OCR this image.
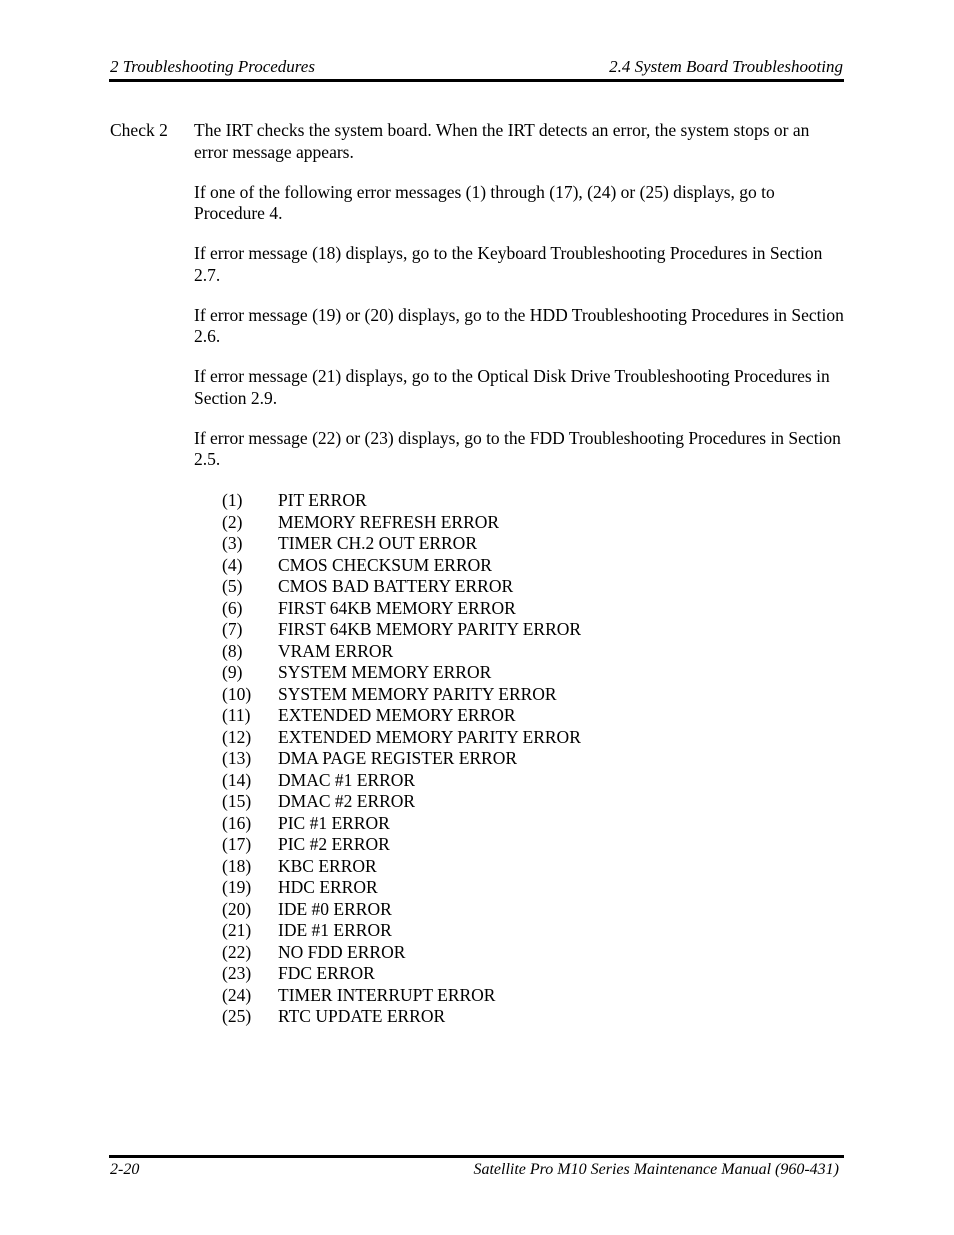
2 Troubleshooting Procedures	2.4 System Board Troubleshooting
Check 2 The IRT checks the system board. When the IRT detects an error, the system stops or an error message appears.

If one of the following error messages (1) through (17), (24) or (25) displays, go to Procedure 4.

If error message (18) displays, go to the Keyboard Troubleshooting Procedures in Section 2.7.

If error message (19) or (20) displays, go to the HDD Troubleshooting Procedures in Section 2.6.

If error message (21) displays, go to the Optical Disk Drive Troubleshooting Procedures in Section 2.9.

If error message (22) or (23) displays, go to the FDD Troubleshooting Procedures in Section 2.5.

(1) PIT ERROR
(2) MEMORY REFRESH ERROR
(3) TIMER CH.2 OUT ERROR
(4) CMOS CHECKSUM ERROR
(5) CMOS BAD BATTERY ERROR
(6) FIRST 64KB MEMORY ERROR
(7) FIRST 64KB MEMORY PARITY ERROR
(8) VRAM ERROR
(9) SYSTEM MEMORY ERROR
(10) SYSTEM MEMORY PARITY ERROR
(11) EXTENDED MEMORY ERROR
(12) EXTENDED MEMORY PARITY ERROR
(13) DMA PAGE REGISTER ERROR
(14) DMAC #1 ERROR
(15) DMAC #2 ERROR
(16) PIC #1 ERROR
(17) PIC #2 ERROR
(18) KBC ERROR
(19) HDC ERROR
(20) IDE #0 ERROR
(21) IDE #1 ERROR
(22) NO FDD ERROR
(23) FDC ERROR
(24) TIMER INTERRUPT ERROR
(25) RTC UPDATE ERROR
2-20	Satellite Pro M10 Series Maintenance Manual (960-431)
